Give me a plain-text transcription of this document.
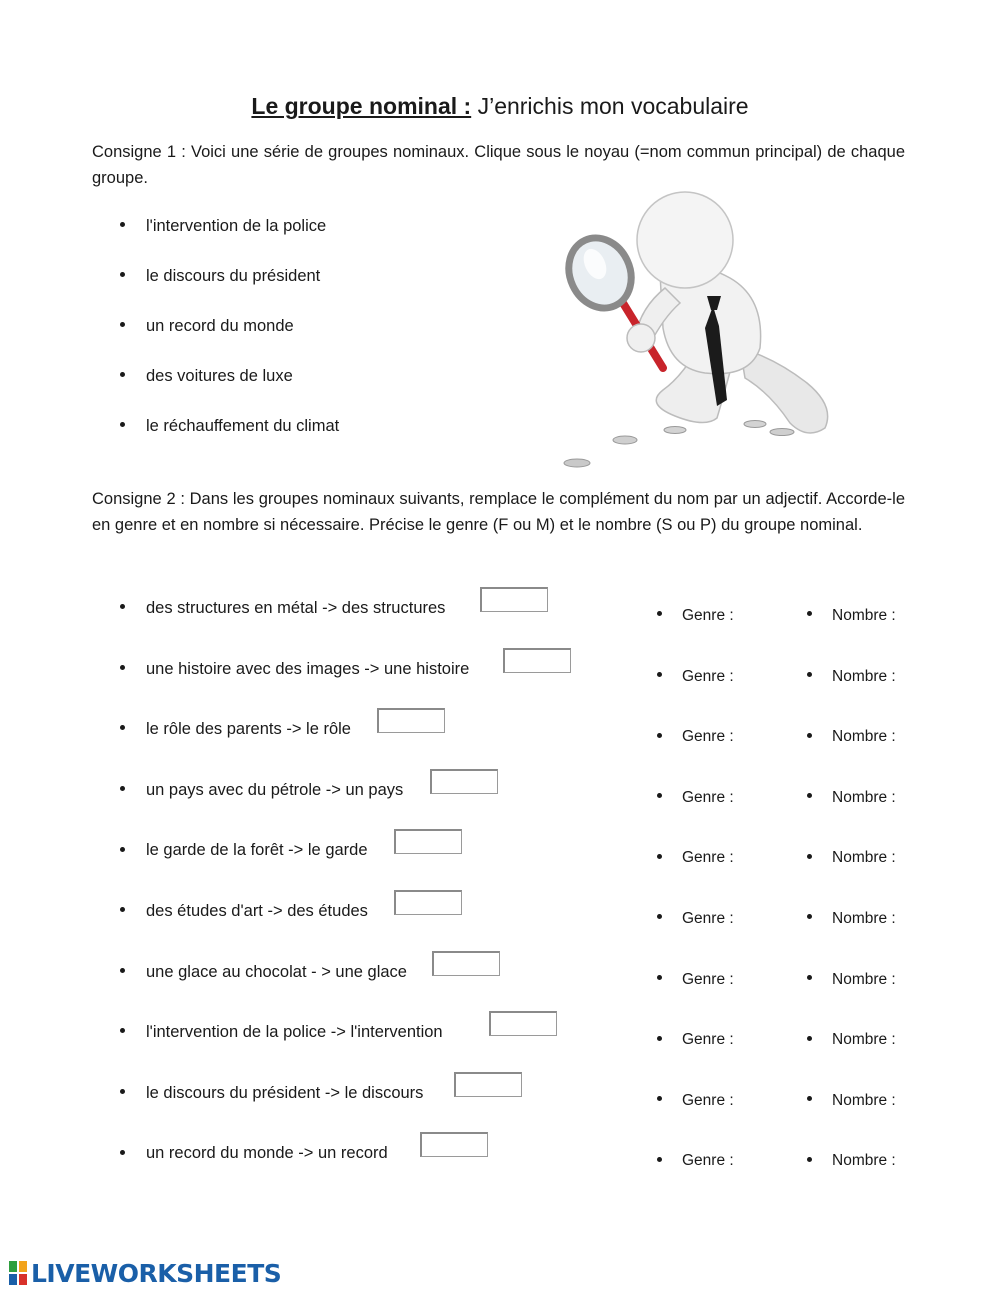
Le groupe nominal : J’enrichis mon vocabulaire
Consigne 1 : Voici une série de groupes nominaux. Clique sous le noyau (=nom commun principal) de chaque groupe.
l'intervention de la police
le discours du président
un record du monde
des voitures de luxe
le réchauffement du climat
Consigne 2 : Dans les groupes nominaux suivants, remplace le complément du nom par un adjectif. Accorde-le en genre et en nombre si nécessaire. Précise le genre (F ou M) et le nombre (S ou P) du groupe nominal.
des structures en métal -> des structures	Genre :	Nombre :
une histoire avec des images -> une histoire	Genre :	Nombre :
le rôle des parents -> le rôle	Genre :	Nombre :
un pays avec du pétrole -> un pays	Genre :	Nombre :
le garde de la forêt -> le garde	Genre :	Nombre :
des études d'art -> des études	Genre :	Nombre :
une glace au chocolat - > une glace	Genre :	Nombre :
l'intervention de la police -> l'intervention	Genre :	Nombre :
le discours du président -> le discours	Genre :	Nombre :
un record du monde -> un record	Genre :	Nombre :
LIVEWORKSHEETS
